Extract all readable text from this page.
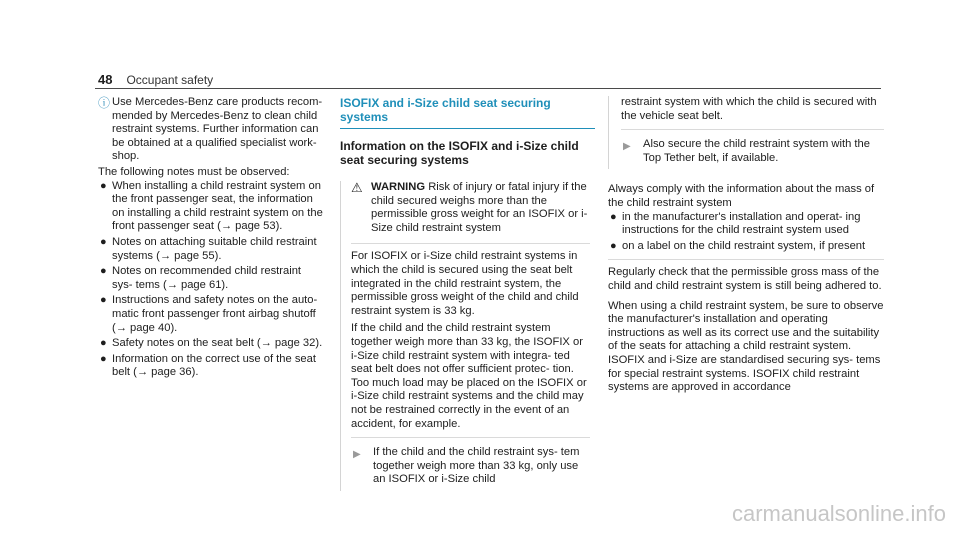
48 Occupant safety
ⓘ Use Mercedes-Benz care products recom- mended by Mercedes-Benz to clean child restraint systems. Further information can be obtained at a qualified specialist work- shop.
The following notes must be observed:
● When installing a child restraint system on the front passenger seat, the information on installing a child restraint system on the front passenger seat (→ page 53).
● Notes on attaching suitable child restraint systems (→ page 55).
● Notes on recommended child restraint sys- tems (→ page 61).
● Instructions and safety notes on the auto- matic front passenger front airbag shutoff (→ page 40).
● Safety notes on the seat belt (→ page 32).
● Information on the correct use of the seat belt (→ page 36).
ISOFIX and i-Size child seat securing systems
Information on the ISOFIX and i-Size child seat securing systems
⚠ WARNING Risk of injury or fatal injury if the child secured weighs more than the permissible gross weight for an ISOFIX or i-Size child restraint system
For ISOFIX or i-Size child restraint systems in which the child is secured using the seat belt integrated in the child restraint system, the permissible gross weight of the child and child restraint system is 33 kg.
If the child and the child restraint system together weigh more than 33 kg, the ISOFIX or i-Size child restraint system with integra- ted seat belt does not offer sufficient protec- tion. Too much load may be placed on the ISOFIX or i-Size child restraint systems and the child may not be restrained correctly in the event of an accident, for example.
▶	If the child and the child restraint sys- tem together weigh more than 33 kg, only use an ISOFIX or i-Size child
restraint system with which the child is secured with the vehicle seat belt.
▶	Also secure the child restraint system with the Top Tether belt, if available.
Always comply with the information about the mass of the child restraint system
● in the manufacturer's installation and operat- ing instructions for the child restraint system used
● on a label on the child restraint system, if present
Regularly check that the permissible gross mass of the child and child restraint system is still being adhered to.
When using a child restraint system, be sure to observe the manufacturer's installation and operating instructions as well as its correct use and the suitability of the seats for attaching a child restraint system.
ISOFIX and i-Size are standardised securing sys- tems for special restraint systems. ISOFIX child restraint systems are approved in accordance
carmanualsonline.info
